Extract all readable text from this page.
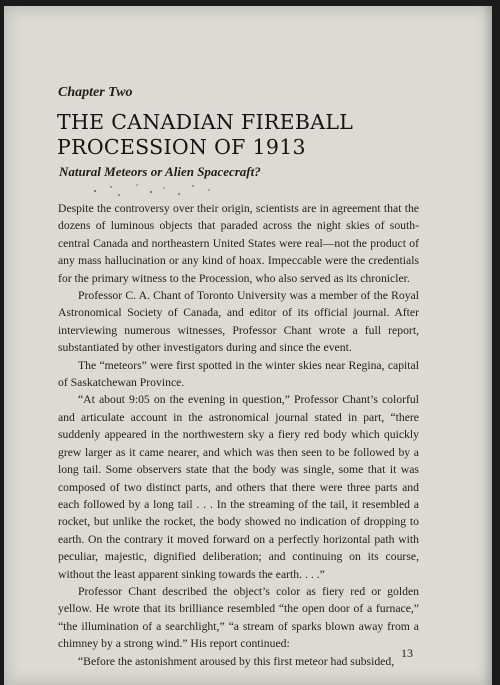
Chapter Two

THE CANADIAN FIREBALL
PROCESSION OF 1913

Natural Meteors or Alien Spacecraft?

Despite the controversy over their origin, scientists are in agreement that the dozens of luminous objects that paraded across the night skies of south-central Canada and northeastern United States were real—not the product of any mass hallucination or any kind of hoax. Impeccable were the credentials for the primary witness to the Procession, who also served as its chronicler.

Professor C. A. Chant of Toronto University was a member of the Royal Astronomical Society of Canada, and editor of its official journal. After interviewing numerous witnesses, Professor Chant wrote a full report, substantiated by other investigators during and since the event.

The “meteors” were first spotted in the winter skies near Regina, capital of Saskatchewan Province.

“At about 9:05 on the evening in question,” Professor Chant’s colorful and articulate account in the astronomical journal stated in part, “there suddenly appeared in the northwestern sky a fiery red body which quickly grew larger as it came nearer, and which was then seen to be followed by a long tail. Some observers state that the body was single, some that it was composed of two distinct parts, and others that there were three parts and each followed by a long tail . . . In the streaming of the tail, it resembled a rocket, but unlike the rocket, the body showed no indication of dropping to earth. On the contrary it moved forward on a perfectly horizontal path with peculiar, majestic, dignified deliberation; and continuing on its course, without the least apparent sinking towards the earth. . . .”

Professor Chant described the object’s color as fiery red or golden yellow. He wrote that its brilliance resembled “the open door of a furnace,” “the illumination of a searchlight,” “a stream of sparks blown away from a chimney by a strong wind.” His report continued:

“Before the astonishment aroused by this first meteor had subsided,

13
